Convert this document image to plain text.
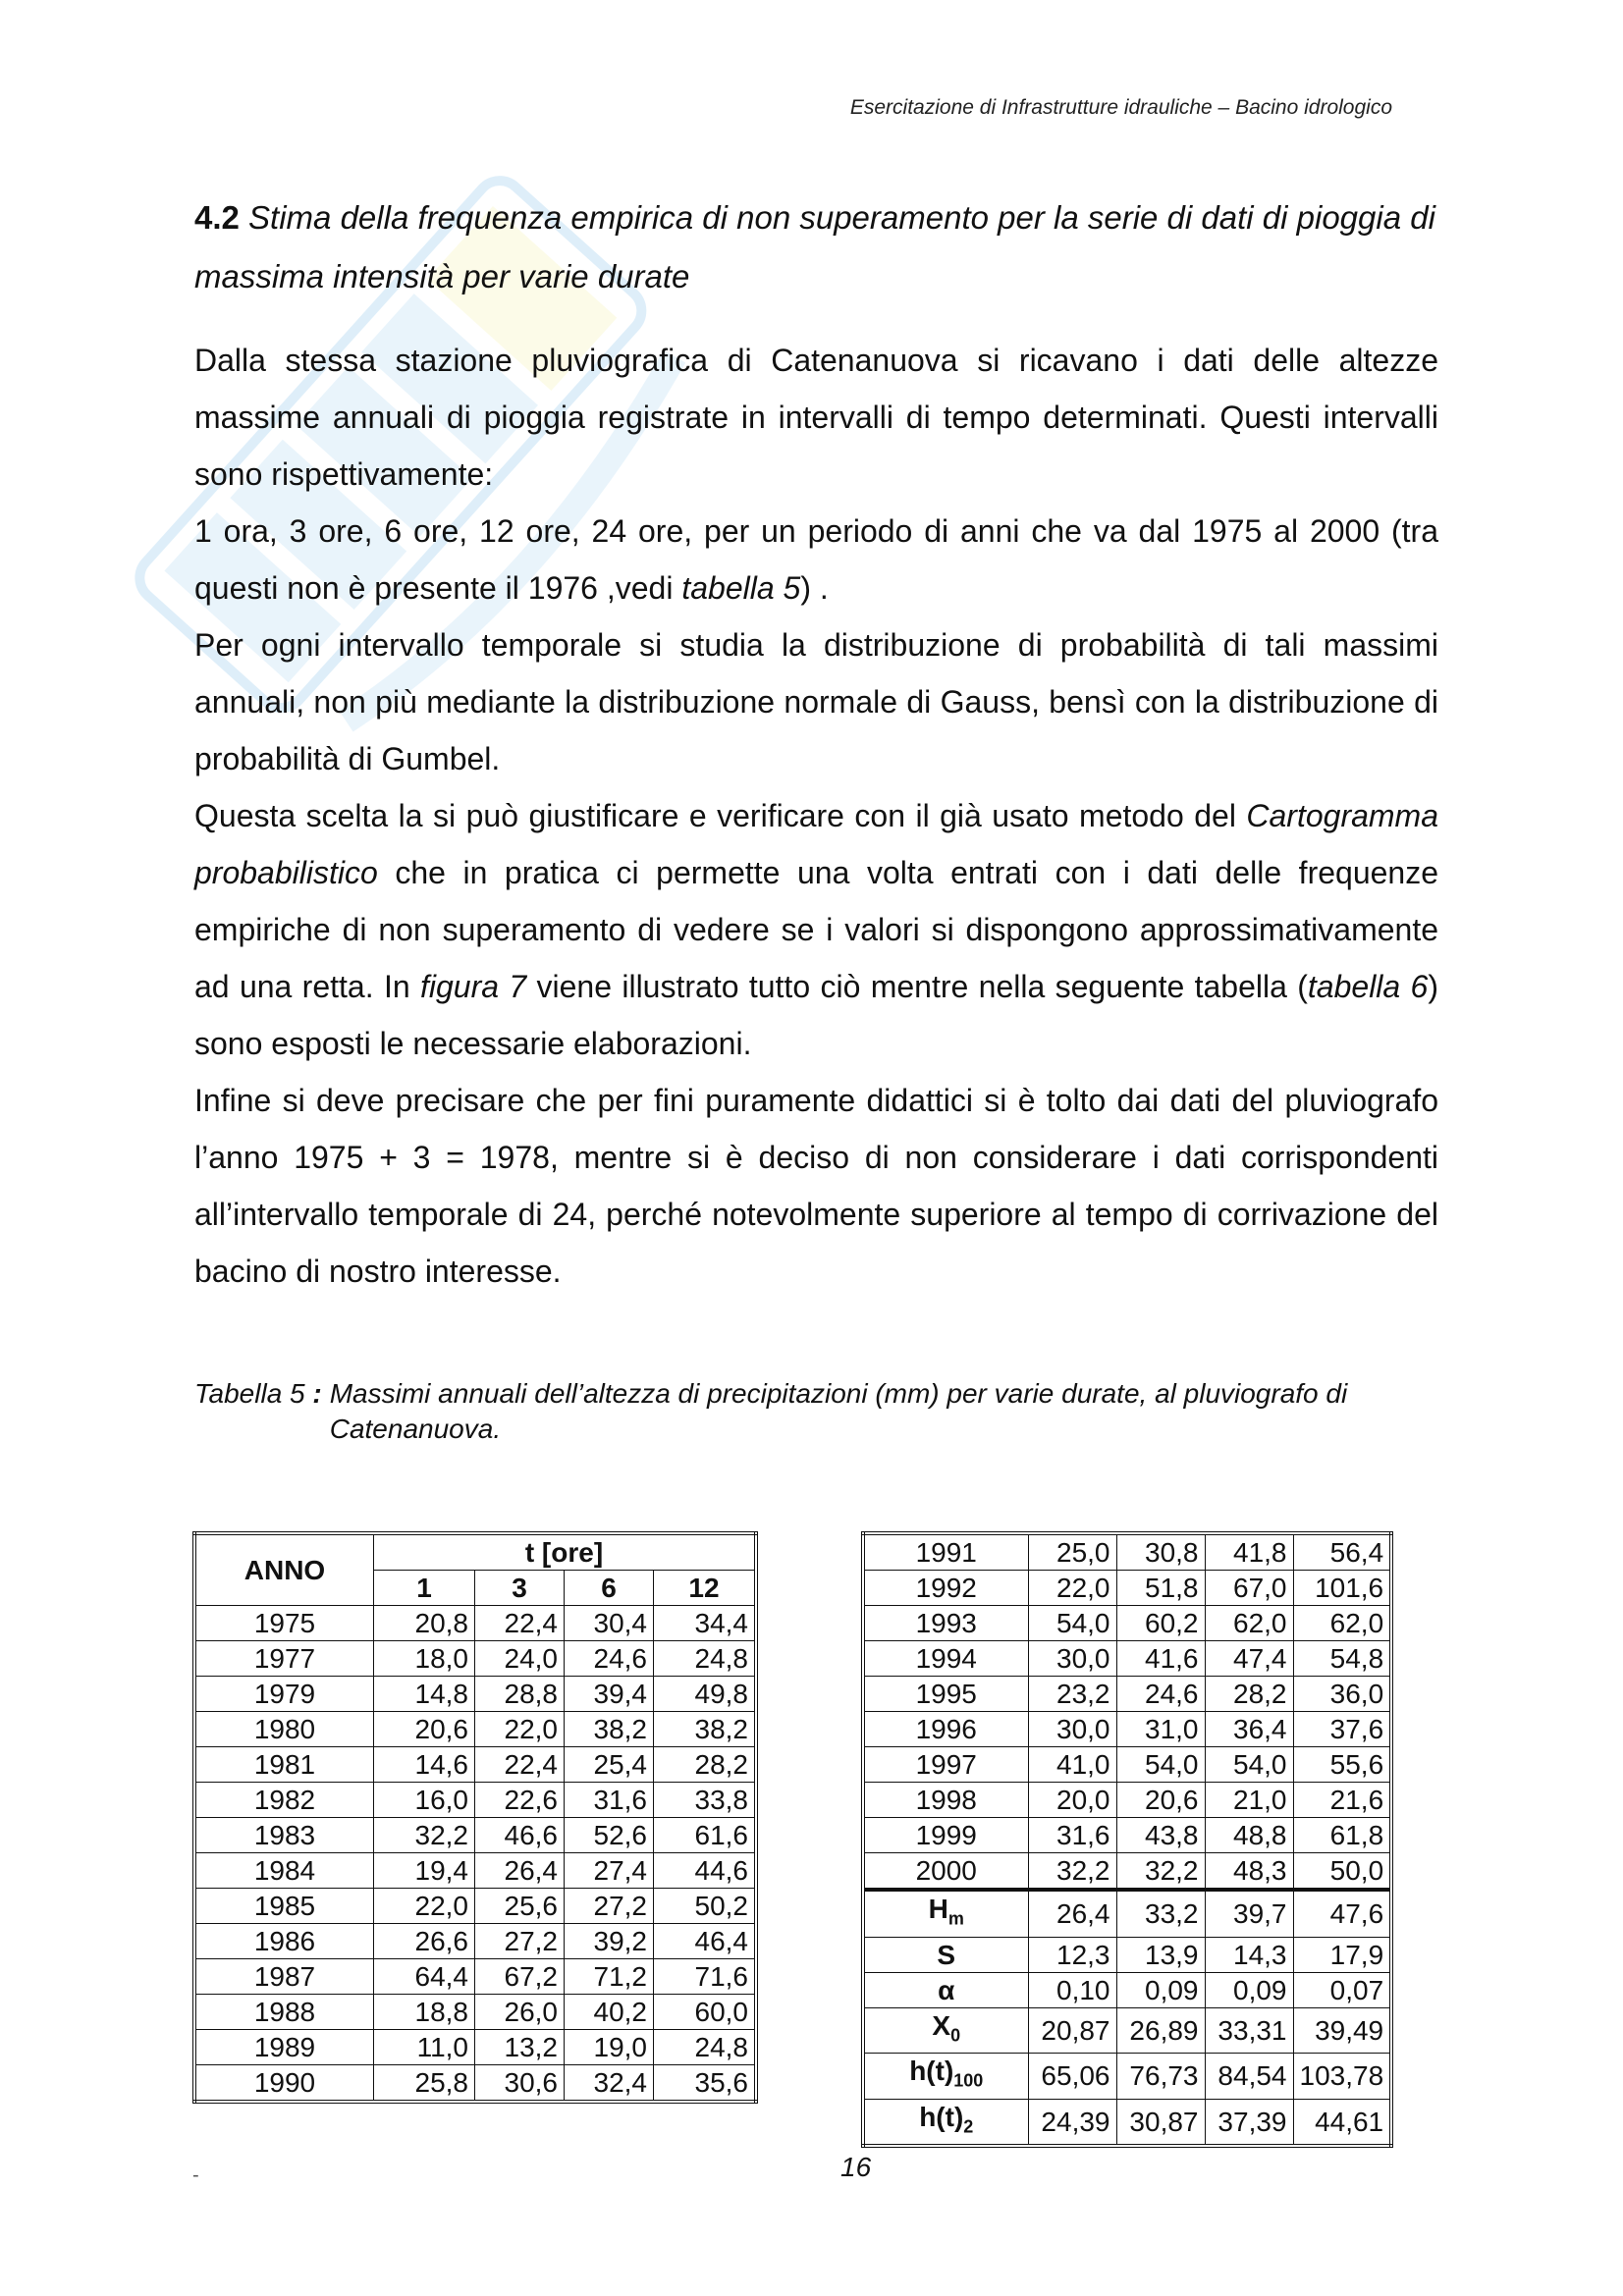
Esercitazione di Infrastrutture idrauliche – Bacino idrologico
4.2 Stima della frequenza empirica di non superamento per la serie di dati di pioggia di massima intensità per varie durate

Dalla stessa stazione pluviografica di Catenanuova si ricavano i dati delle altezze massime annuali di pioggia registrate in intervalli di tempo determinati. Questi intervalli sono rispettivamente:

1 ora, 3 ore, 6 ore, 12 ore, 24 ore, per un periodo di anni che va dal 1975 al 2000 (tra questi non è presente il 1976 ,vedi tabella 5) .

Per ogni intervallo temporale si studia la distribuzione di probabilità di tali massimi annuali, non più mediante la distribuzione normale di Gauss, bensì con la distribuzione di probabilità di Gumbel.

Questa scelta la si può giustificare e verificare con il già usato metodo del Cartogramma probabilistico che in pratica ci permette una volta entrati con i dati delle frequenze empiriche di non superamento di vedere se i valori si dispongono approssimativamente ad una retta. In figura 7 viene illustrato tutto ciò mentre nella seguente tabella (tabella 6) sono esposti le necessarie elaborazioni.

Infine si deve precisare che per fini puramente didattici si è tolto dai dati del pluviografo l’anno 1975 + 3 = 1978, mentre si è deciso di non considerare i dati corrispondenti all’intervallo temporale di 24, perché notevolmente superiore al tempo di corrivazione del bacino di nostro interesse.

Tabella 5 : Massimi annuali dell’altezza di precipitazioni (mm) per varie durate, al pluviografo di Catenanuova.
ANNO	t [ore]			
	1	3	6	12
1975	20,8	22,4	30,4	34,4
1977	18,0	24,0	24,6	24,8
1979	14,8	28,8	39,4	49,8
1980	20,6	22,0	38,2	38,2
1981	14,6	22,4	25,4	28,2
1982	16,0	22,6	31,6	33,8
1983	32,2	46,6	52,6	61,6
1984	19,4	26,4	27,4	44,6
1985	22,0	25,6	27,2	50,2
1986	26,6	27,2	39,2	46,4
1987	64,4	67,2	71,2	71,6
1988	18,8	26,0	40,2	60,0
1989	11,0	13,2	19,0	24,8
1990	25,8	30,6	32,4	35,6
1991	25,0	30,8	41,8	56,4
1992	22,0	51,8	67,0	101,6
1993	54,0	60,2	62,0	62,0
1994	30,0	41,6	47,4	54,8
1995	23,2	24,6	28,2	36,0
1996	30,0	31,0	36,4	37,6
1997	41,0	54,0	54,0	55,6
1998	20,0	20,6	21,0	21,6
1999	31,6	43,8	48,8	61,8
2000	32,2	32,2	48,3	50,0
$H_m$	26,4	33,2	39,7	47,6
S	12,3	13,9	14,3	17,9
α	0,10	0,09	0,09	0,07
$X_0$	20,87	26,89	33,31	39,49
$h(t)_{100}$	65,06	76,73	84,54	103,78
$h(t)_2$	24,39	30,87	37,39	44,61
-	16
